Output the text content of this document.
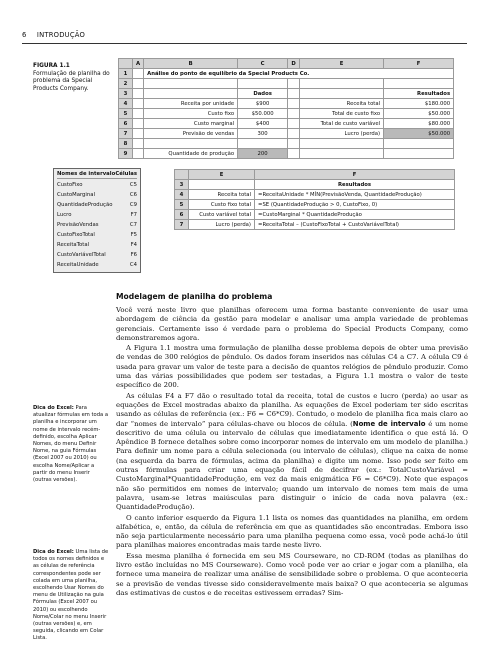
6 INTRODUÇÃO
FIGURA 1.1
Formulação de planilha do problema da Special Products Company.
	A	B	C	D	E	F
1		Análise do ponto de equilíbrio da Special Products Co.				
2						
3			Dados			Resultados
4		Receita por unidade	$900		Receita total	$180.000
5		Custo fixo	$50.000		Total de custo fixo	$50.000
6		Custo marginal	$400		Total de custo variável	$80.000
7		Previsão de vendas	300		Lucro (perda)	$50.000
8						
9		Quantidade de produção	200			
Nomes de intervalo Células
CustoFixo	C5
CustoMarginal	C6
QuantidadeProdução	C9
Lucro	F7
PrevisãoVendas	C7
CustoFixoTotal	F5
ReceitaTotal	F4
CustoVariávelTotal	F6
ReceitaUnidade	C4
	E	F
3		Resultados
4	Receita total	=ReceitaUnidade * MÍN(PrevisãoVenda, QuantidadeProdução)
5	Custo fixo total	=SE (QuantidadeProdução > 0, CustoFixo, 0)
6	Custo variável total	=CustoMarginal * QuantidadeProdução
7	Lucro (perda)	=ReceitaTotal – (CustoFixoTotal + CustoVariávelTotal)
Modelagem de planilha do problema

Você verá neste livro que planilhas oferecem uma forma bastante conveniente de usar uma abordagem de ciência da gestão para modelar e analisar uma ampla variedade de problemas gerenciais. Certamente isso é verdade para o problema do Special Products Company, como demonstraremos agora.

A Figura 1.1 mostra uma formulação de planilha desse problema depois de obter uma previsão de vendas de 300 relógios de pêndulo. Os dados foram inseridos nas células C4 a C7. A célula C9 é usada para gravar um valor de teste para a decisão de quantos relógios de pêndulo produzir. Como uma das várias possibilidades que podem ser testadas, a Figura 1.1 mostra o valor de teste específico de 200.

As células F4 a F7 dão o resultado total da receita, total de custos e lucro (perda) ao usar as equações de Excel mostradas abaixo da planilha. As equações de Excel poderiam ter sido escritas usando as células de referência (ex.: F6 = C6*C9). Contudo, o modelo de planilha fica mais claro ao dar “nomes de intervalo” para células-chave ou blocos de célula. (Nome de intervalo é um nome descritivo de uma célula ou intervalo de células que imediatamente identifica o que está lá. O Apêndice B fornece detalhes sobre como incorporar nomes de intervalo em um modelo de planilha.) Para definir um nome para a célula selecionada (ou intervalo de células), clique na caixa de nome (na esquerda da barra de fórmulas, acima da planilha) e digite um nome. Isso pode ser feito em outras fórmulas para criar uma equação fácil de decifrar (ex.: TotalCustoVariável = CustoMarginal*QuantidadeProdução, em vez da mais enigmática F6 = C6*C9). Note que espaços não são permitidos em nomes de intervalo; quando um intervalo de nomes tem mais de uma palavra, usam-se letras maiúsculas para distinguir o início de cada nova palavra (ex.: QuantidadeProdução).

O canto inferior esquerdo da Figura 1.1 lista os nomes das quantidades na planilha, em ordem alfabética, e, então, da célula de referência em que as quantidades são encontradas. Embora isso não seja particularmente necessário para uma planilha pequena como essa, você pode achá-lo útil para planilhas maiores encontradas mais tarde neste livro.

Essa mesma planilha é fornecida em seu MS Courseware, no CD-ROM (todas as planilhas do livro estão incluídas no MS Courseware). Como você pode ver ao criar e jogar com a planilha, ela fornece uma maneira de realizar uma análise de sensibilidade sobre o problema. O que aconteceria se a previsão de vendas tivesse sido consideravelmente mais baixa? O que aconteceria se algumas das estimativas de custos e de receitas estivessem erradas? Sim-

Dica do Excel: Para atualizar fórmulas em toda a planilha e incorporar um nome de intervalo recém-definido, escolha Aplicar Nomes, do menu Definir Nome, na guia Fórmulas (Excel 2007 ou 2010) ou escolha Nome/Aplicar a partir do menu Inserir (outras versões).
Dica do Excel: Uma lista de todos os nomes definidos e as células de referência correspondentes pode ser colada em uma planilha, escolhendo Usar Nomes do menu de Utilização na guia Fórmulas (Excel 2007 ou 2010) ou escolhendo Nome/Colar no menu Inserir (outras versões) e, em seguida, clicando em Colar Lista.
